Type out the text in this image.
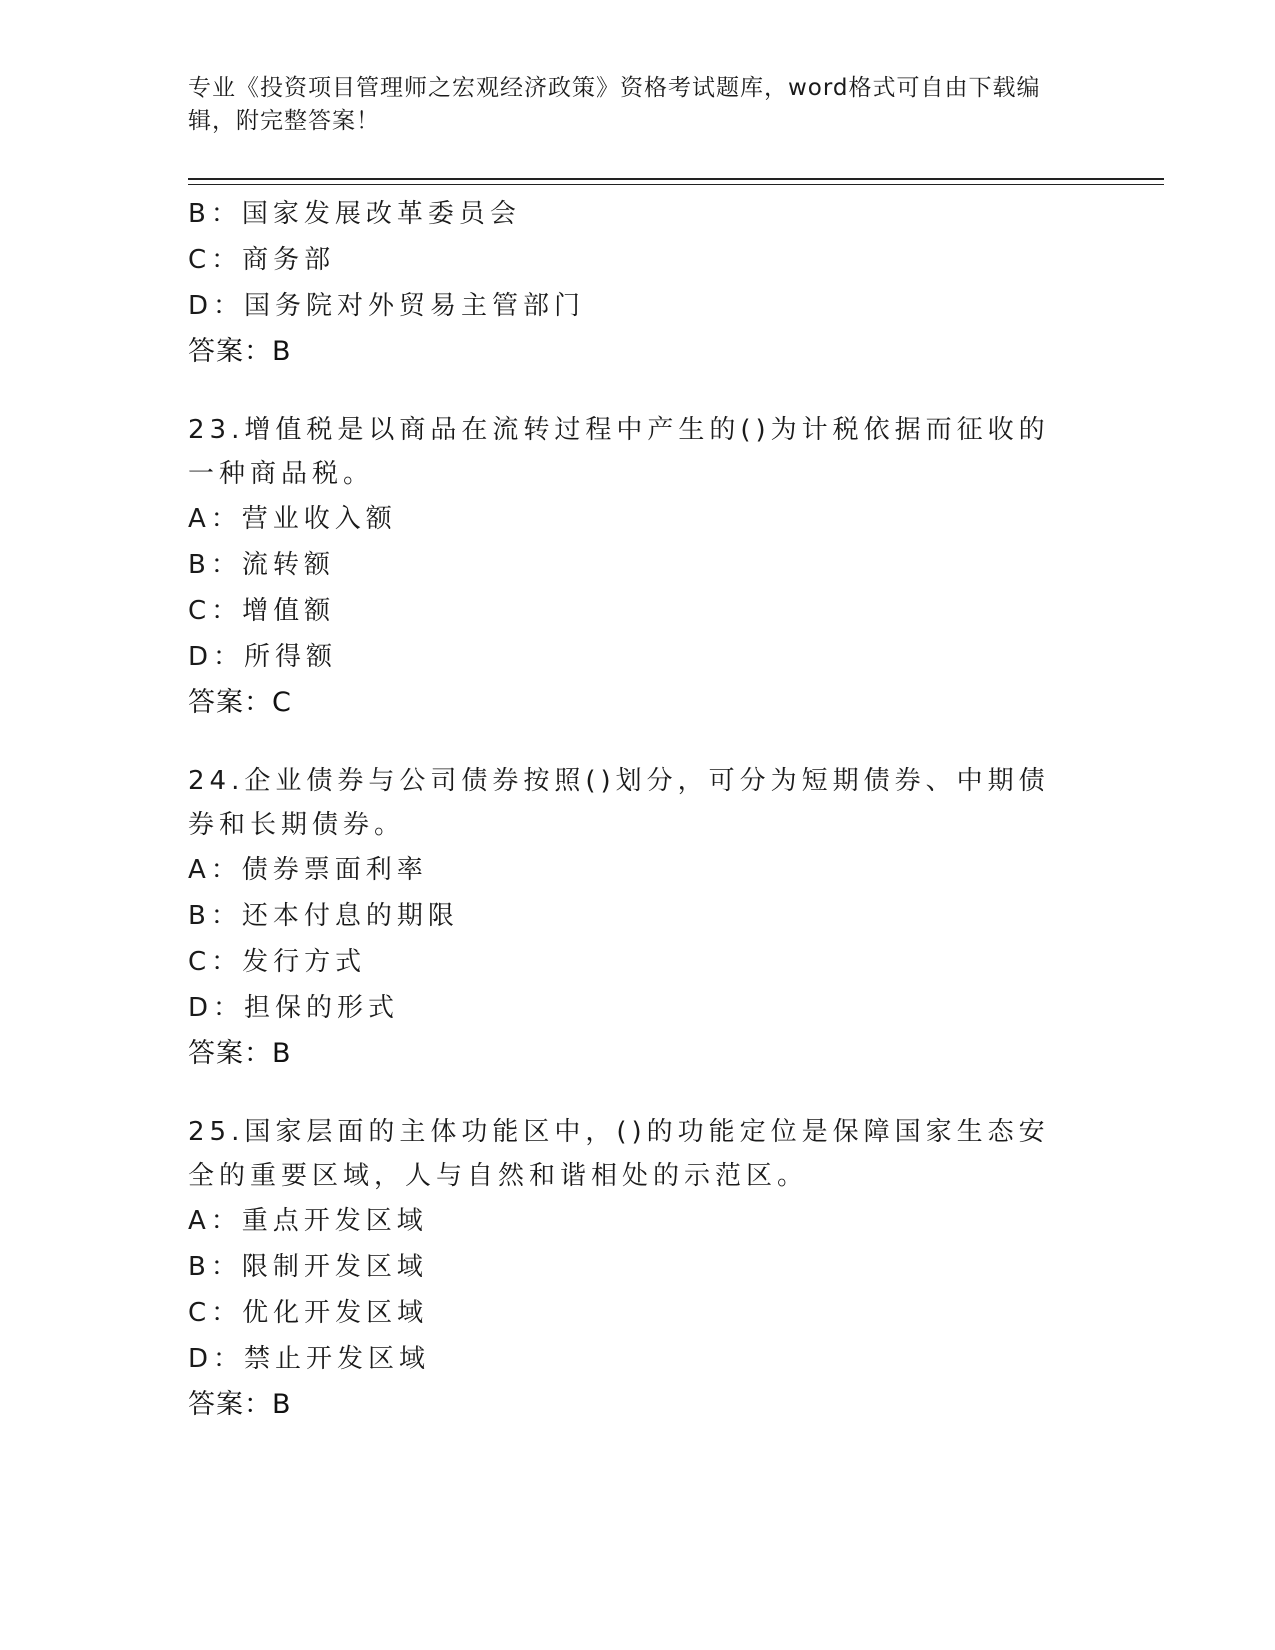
专业《投资项目管理师之宏观经济政策》资格考试题库，word格式可自由下载编辑，附完整答案！
B：国家发展改革委员会
C：商务部
D：国务院对外贸易主管部门
答案：B
23.增值税是以商品在流转过程中产生的()为计税依据而征收的一种商品税。
A：营业收入额
B：流转额
C：增值额
D：所得额
答案：C
24.企业债券与公司债券按照()划分，可分为短期债券、中期债券和长期债券。
A：债券票面利率
B：还本付息的期限
C：发行方式
D：担保的形式
答案：B
25.国家层面的主体功能区中，()的功能定位是保障国家生态安全的重要区域，人与自然和谐相处的示范区。
A：重点开发区域
B：限制开发区域
C：优化开发区域
D：禁止开发区域
答案：B
